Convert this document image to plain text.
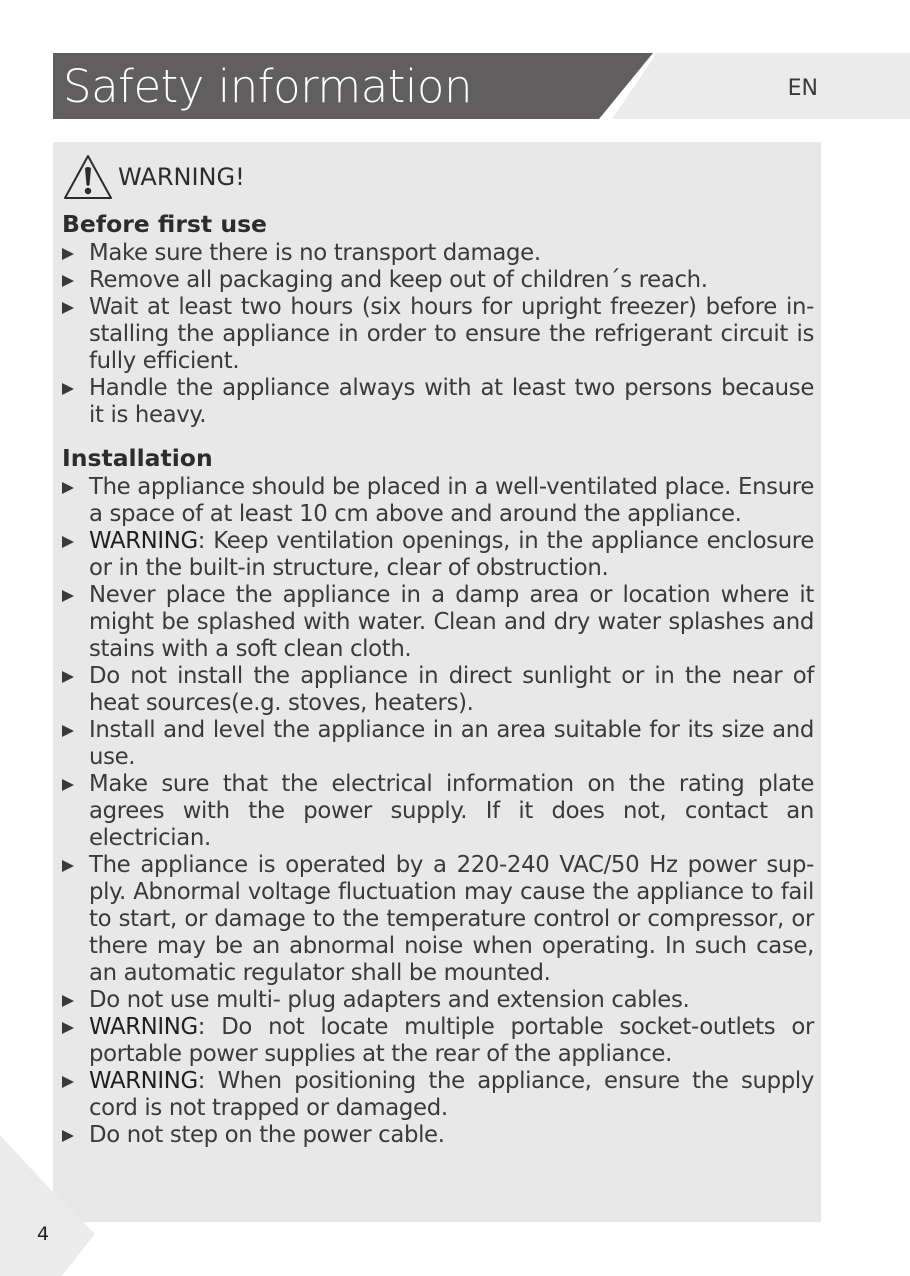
Safety information	EN
WARNING!
Before first use
Make sure there is no transport damage.
Remove all packaging and keep out of children´s reach.
Wait at least two hours (six hours for upright freezer) before in-stalling the appliance in order to ensure the refrigerant circuit is fully efficient.
Handle the appliance always with at least two persons because it is heavy.
Installation
The appliance should be placed in a well-ventilated place. Ensure a space of at least 10 cm above and around the appliance.
WARNING: Keep ventilation openings, in the appliance enclosure or in the built-in structure, clear of obstruction.
Never place the appliance in a damp area or location where it might be splashed with water. Clean and dry water splashes and stains with a soft clean cloth.
Do not install the appliance in direct sunlight or in the near of heat sources(e.g. stoves, heaters).
Install and level the appliance in an area suitable for its size and use.
Make sure that the electrical information on the rating plate agrees with the power supply. If it does not, contact an electrician.
The appliance is operated by a 220-240 VAC/50 Hz power sup-ply. Abnormal voltage fluctuation may cause the appliance to fail to start, or damage to the temperature control or compressor, or there may be an abnormal noise when operating. In such case, an automatic regulator shall be mounted.
Do not use multi- plug adapters and extension cables.
WARNING: Do not locate multiple portable socket-outlets or portable power supplies at the rear of the appliance.
WARNING: When positioning the appliance, ensure the supply cord is not trapped or damaged.
Do not step on the power cable.
4
